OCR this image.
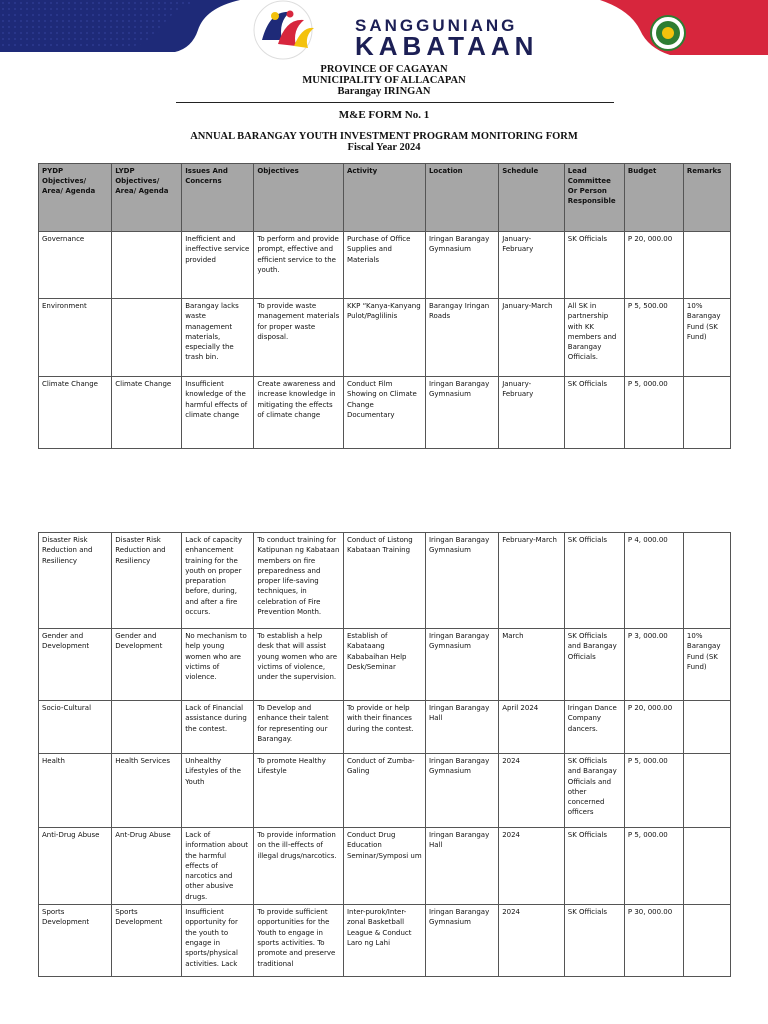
SANGGUNIANG
KABATAAN
PROVINCE OF CAGAYAN
MUNICIPALITY OF ALLACAPAN
Barangay IRINGAN
M&E FORM No. 1
ANNUAL BARANGAY YOUTH INVESTMENT PROGRAM MONITORING FORM
Fiscal Year 2024
PYDP Objectives/ Area/ Agenda	LYDP Objectives/ Area/ Agenda	Issues And Concerns	Objectives	Activity	Location	Schedule	Lead Committee Or Person Responsible	Budget	Remarks
Governance		Inefficient and ineffective service provided	To perform and provide prompt, effective and efficient service to the youth.	Purchase of Office Supplies and Materials	Iringan Barangay Gymnasium	January-February	SK Officials	P 20, 000.00	
Environment		Barangay lacks waste management materials, especially the trash bin.	To provide waste management materials for proper waste disposal.	KKP “Kanya-Kanyang Pulot/Paglilinis	Barangay Iringan Roads	January-March	All SK in partnership with KK members and Barangay Officials.	P 5, 500.00	10% Barangay Fund (SK Fund)
Climate Change	Climate Change	Insufficient knowledge of the harmful effects of climate change	Create awareness and increase knowledge in mitigating the effects of climate change	Conduct Film Showing on Climate Change Documentary	Iringan Barangay Gymnasium	January-February	SK Officials	P 5, 000.00	
Disaster Risk Reduction and Resiliency	Disaster Risk Reduction and Resiliency	Lack of capacity enhancement training for the youth on proper preparation before, during, and after a fire occurs.	To conduct training for Katipunan ng Kabataan members on fire preparedness and proper life-saving techniques, in celebration of Fire Prevention Month.	Conduct of Listong Kabataan Training	Iringan Barangay Gymnasium	February-March	SK Officials	P 4, 000.00	
Gender and Development	Gender and Development	No mechanism to help young women who are victims of violence.	To establish a help desk that will assist young women who are victims of violence, under the supervision.	Establish of Kabataang Kababaihan Help Desk/Seminar	Iringan Barangay Gymnasium	March	SK Officials and Barangay Officials	P 3, 000.00	10% Barangay Fund (SK Fund)
Socio-Cultural		Lack of Financial assistance during the contest.	To Develop and enhance their talent for representing our Barangay.	To provide or help with their finances during the contest.	Iringan Barangay Hall	April 2024	Iringan Dance Company dancers.	P 20, 000.00	
Health	Health Services	Unhealthy Lifestyles of the Youth	To promote Healthy Lifestyle	Conduct of Zumba-Galing	Iringan Barangay Gymnasium	2024	SK Officials and Barangay Officials and other concerned officers	P 5, 000.00	
Anti-Drug Abuse	Ant-Drug Abuse	Lack of information about the harmful effects of narcotics and other abusive drugs.	To provide information on the ill-effects of illegal drugs/narcotics.	Conduct Drug Education Seminar/Symposi um	Iringan Barangay Hall	2024	SK Officials	P 5, 000.00	
Sports Development	Sports Development	Insufficient opportunity for the youth to engage in sports/physical activities. Lack	To provide sufficient opportunities for the Youth to engage in sports activities. To promote and preserve traditional	Inter-purok/Inter-zonal Basketball League & Conduct Laro ng Lahi	Iringan Barangay Gymnasium	2024	SK Officials	P 30, 000.00	
